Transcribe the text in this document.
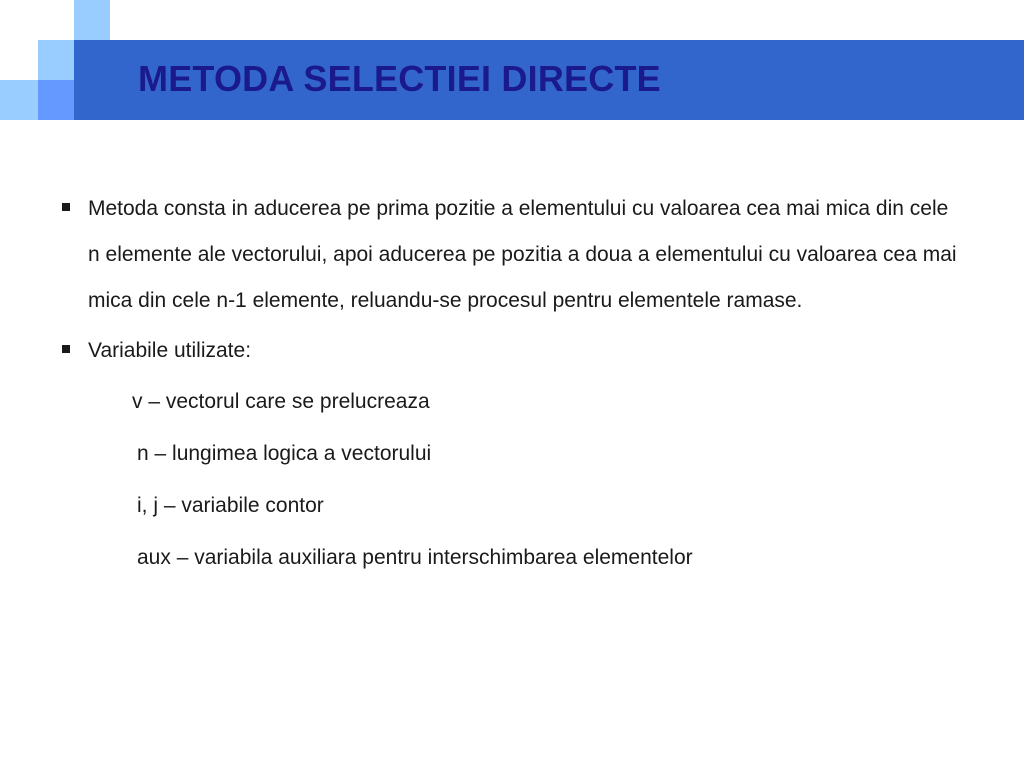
METODA SELECTIEI DIRECTE
Metoda consta in aducerea pe prima pozitie a elementului cu valoarea cea mai mica din cele n elemente ale vectorului, apoi aducerea pe pozitia a doua a elementului cu valoarea cea mai mica din cele n-1 elemente, reluandu-se procesul pentru elementele ramase.
Variabile utilizate:

v – vectorul care se prelucreaza

n – lungimea logica a vectorului

i, j – variabile contor

aux – variabila auxiliara pentru interschimbarea elementelor
